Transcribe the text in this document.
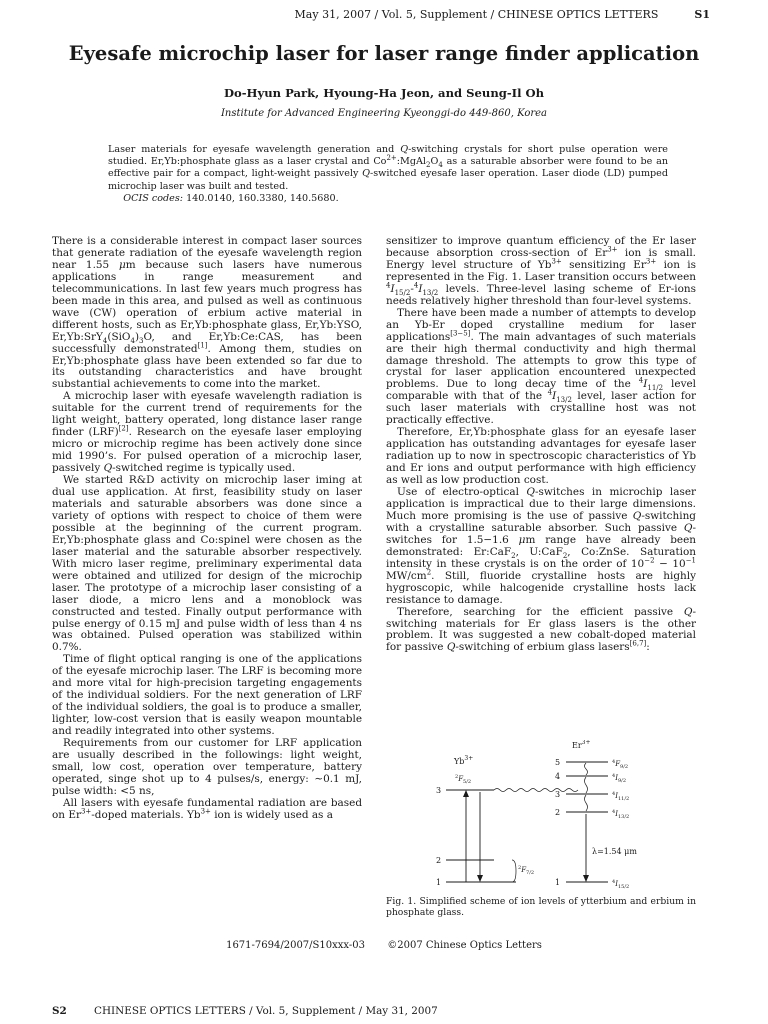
May 31, 2007 / Vol. 5, Supplement / CHINESE OPTICS LETTERS	S1
Eyesafe microchip laser for laser range finder application
Do-Hyun Park, Hyoung-Ha Jeon, and Seung-Il Oh
Institute for Advanced Engineering Kyeonggi-do 449-860, Korea
Laser materials for eyesafe wavelength generation and Q-switching crystals for short pulse operation were studied. Er,Yb:phosphate glass as a laser crystal and $Co^{2+}:MgAl_2O_4$ as a saturable absorber were found to be an effective pair for a compact, light-weight passively Q-switched eyesafe laser operation. Laser diode (LD) pumped microchip laser was built and tested.
OCIS codes: 140.0140, 160.3380, 140.5680.

There is a considerable interest in compact laser sources that generate radiation of the eyesafe wavelength region near 1.55 μm because such lasers have numerous applications in range measurement and telecommunications. In last few years much progress has been made in this area, and pulsed as well as continuous wave (CW) operation of erbium active material in different hosts, such as Er,Yb:phosphate glass, Er,Yb:YSO, $Er,Yb:SrY_4(SiO_4)_3O$, and Er,Yb:Ce:CAS, has been successfully demonstrated[1]. Among them, studies on Er,Yb:phosphate glass have been extended so far due to its outstanding characteristics and have brought substantial achievements to come into the market.

A microchip laser with eyesafe wavelength radiation is suitable for the current trend of requirements for the light weight, battery operated, long distance laser range finder (LRF)[2]. Research on the eyesafe laser employing micro or microchip regime has been actively done since mid 1990’s. For pulsed operation of a microchip laser, passively Q-switched regime is typically used.

We started R&D activity on microchip laser iming at dual use application. At first, feasibility study on laser materials and saturable absorbers was done since a variety of options with respect to choice of them were possible at the beginning of the current program. Er,Yb:phosphate glass and Co:spinel were chosen as the laser material and the saturable absorber respectively. With micro laser regime, preliminary experimental data were obtained and utilized for design of the microchip laser. The prototype of a microchip laser consisting of a laser diode, a micro lens and a monoblock was constructed and tested. Finally output performance with pulse energy of 0.15 mJ and pulse width of less than 4 ns was obtained. Pulsed operation was stabilized within 0.7%.

Time of flight optical ranging is one of the applications of the eyesafe microchip laser. The LRF is becoming more and more vital for high-precision targeting engagements of the individual soldiers. For the next generation of LRF of the individual soldiers, the goal is to produce a smaller, lighter, low-cost version that is easily weapon mountable and readily integrated into other systems.

Requirements from our customer for LRF application are usually described in the followings: light weight, small, low cost, operation over temperature, battery operated, singe shot up to 4 pulses/s, energy: ∼0.1 mJ, pulse width: <5 ns,

All lasers with eyesafe fundamental radiation are based on $Er^{3+}$-doped materials. $Yb^{3+}$ ion is widely used as a

sensitizer to improve quantum efficiency of the Er laser because absorption cross-section of $Er^{3+}$ ion is small. Energy level structure of $Yb^{3+}$ sensitizing $Er^{3+}$ ion is represented in the Fig. 1. Laser transition occurs between $^4I_{15/2}-^4I_{13/2}$ levels. Three-level lasing scheme of Er-ions needs relatively higher threshold than four-level systems.

There have been made a number of attempts to develop an Yb-Er doped crystalline medium for laser applications[3−5]. The main advantages of such materials are their high thermal conductivity and high thermal damage threshold. The attempts to grow this type of crystal for laser application encountered unexpected problems. Due to long decay time of the $^4I_{11/2}$ level comparable with that of the $^4I_{13/2}$ level, laser action for such laser materials with crystalline host was not practically effective.

Therefore, Er,Yb:phosphate glass for an eyesafe laser application has outstanding advantages for eyesafe laser radiation up to now in spectroscopic characteristics of Yb and Er ions and output performance with high efficiency as well as low production cost.

Use of electro-optical Q-switches in microchip laser application is impractical due to their large dimensions. Much more promising is the use of passive Q-switching with a crystalline saturable absorber. Such passive Q-switches for 1.5−1.6 μm range have already been demonstrated: Er:CaF$_2$, U:CaF$_2$, Co:ZnSe. Saturation intensity in these crystals is on the order of $10^{-2} - 10^{-1}$ $MW/cm^2$. Still, fluoride crystalline hosts are highly hygroscopic, while halcogenide crystalline hosts lack resistance to damage.

Therefore, searching for the efficient passive Q-switching materials for Er glass lasers is the other problem. It was suggested a new cobalt-doped material for passive Q-switching of erbium glass lasers[6,7]:

$Yb^{3+}$
$^2F_{5/2}$
3
2
1
$^2F_{7/2}$
$Er^{3+}$
5
4
3
2
1
$^4F_{9/2}$
$^4I_{9/2}$
$^4I_{11/2}$
$^4I_{13/2}$
$^4I_{15/2}$
λ=1.54 μm
Fig. 1. Simplified scheme of ion levels of ytterbium and erbium in phosphate glass.
1671-7694/2007/S10xxx-03 ©2007 Chinese Optics Letters
S2	CHINESE OPTICS LETTERS / Vol. 5, Supplement / May 31, 2007
